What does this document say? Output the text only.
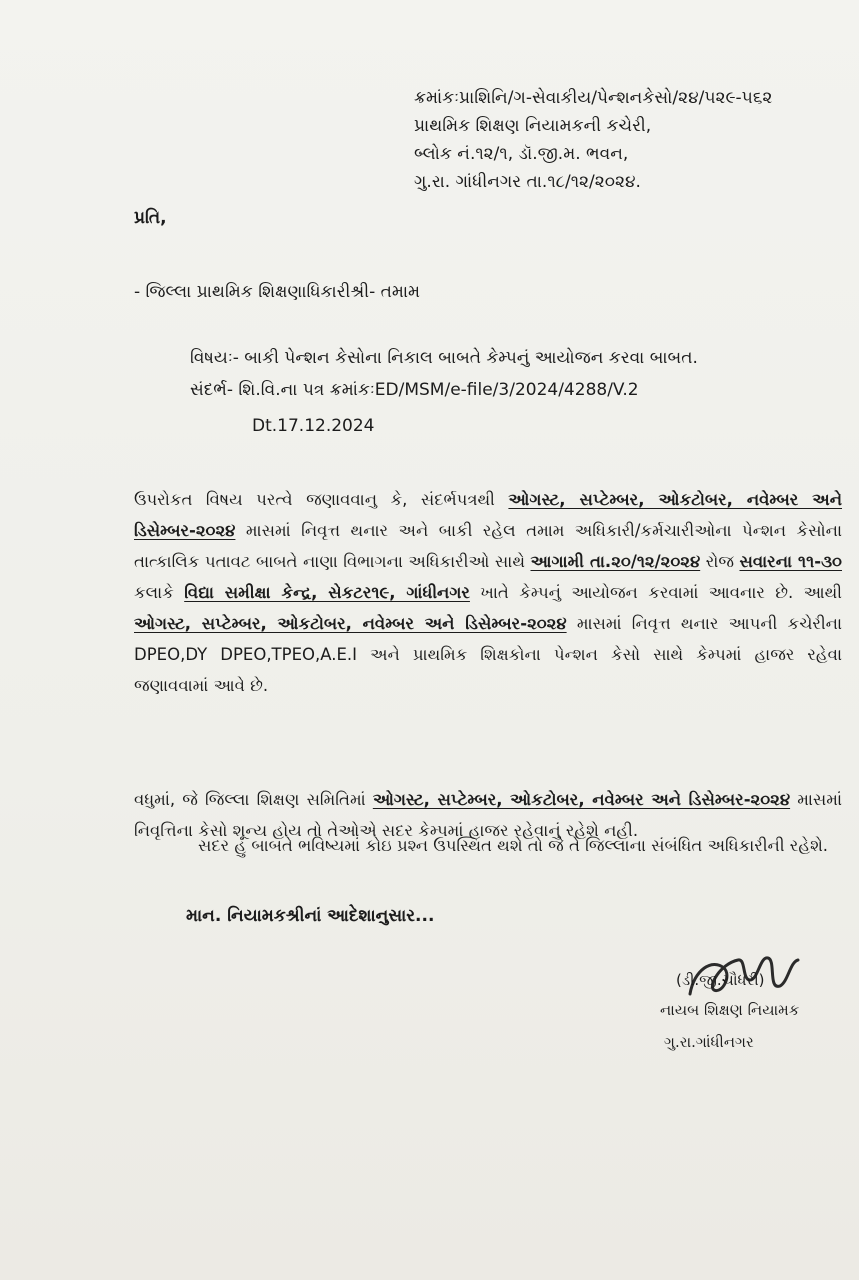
ક્રમાંકઃપ્રાશિનિ/ગ-સેવાકીય/પેન્શનકેસો/૨૪/૫૨૯-૫૬૨
પ્રાથમિક શિક્ષણ નિયામકની કચેરી,
બ્લોક નં.૧૨/૧, ડૉ.જી.મ. ભવન,
ગુ.રા. ગાંધીનગર તા.૧૮/૧૨/૨૦૨૪.
પ્રતિ,
- જિલ્લા પ્રાથમિક શિક્ષણાધિકારીશ્રી- તમામ
વિષયઃ- બાકી પેન્શન કેસોના નિકાલ બાબતે કેમ્પનું આયોજન કરવા બાબત.
સંદર્ભ- શિ.વિ.ના પત્ર ક્રમાંકઃED/MSM/e-file/3/2024/4288/V.2
Dt.17.12.2024
ઉપરોકત વિષય પરત્વે જણાવવાનુ કે, સંદર્ભપત્રથી ઓગસ્ટ, સપ્ટેમ્બર, ઓકટોબર, નવેમ્બર અને ડિસેમ્બર-૨૦૨૪ માસમાં નિવૃત્ત થનાર અને બાકી રહેલ તમામ અધિકારી/કર્મચારીઓના પેન્શન કેસોના તાત્કાલિક પતાવટ બાબતે નાણા વિભાગના અધિકારીઓ સાથે આગામી તા.૨૦/૧૨/૨૦૨૪ રોજ સવારના ૧૧-૩૦ કલાકે વિદ્યા સમીક્ષા કેન્દ્ર, સેકટર૧૯, ગાંધીનગર ખાતે કેમ્પનું આયોજન કરવામાં આવનાર છે. આથી ઓગસ્ટ, સપ્ટેમ્બર, ઓકટોબર, નવેમ્બર અને ડિસેમ્બર-૨૦૨૪ માસમાં નિવૃત્ત થનાર આપની કચેરીના DPEO,DY DPEO,TPEO,A.E.I અને પ્રાથમિક શિક્ષકોના પેન્શન કેસો સાથે કેમ્પમાં હાજર રહેવા જણાવવામાં આવે છે.
વધુમાં, જે જિલ્લા શિક્ષણ સમિતિમાં ઓગસ્ટ, સપ્ટેમ્બર, ઓકટોબર, નવેમ્બર અને ડિસેમ્બર-૨૦૨૪ માસમાં નિવૃત્તિના કેસો શૂન્ય હોય તો તેઓએ સદર કેમ્પમાં હાજર રહેવાનું રહેશે નહી.
સદર હું બાબતે ભવિષ્યમાં કોઇ પ્રશ્ન ઉપસ્થિત થશે તો જે તે જિલ્લાના સંબંધિત અધિકારીની રહેશે.
માન. નિયામકશ્રીનાં આદેશાનુસાર...
(ડી.જી.ચૌધરી)
નાયબ શિક્ષણ નિયામક
ગુ.રા.ગાંધીનગર
